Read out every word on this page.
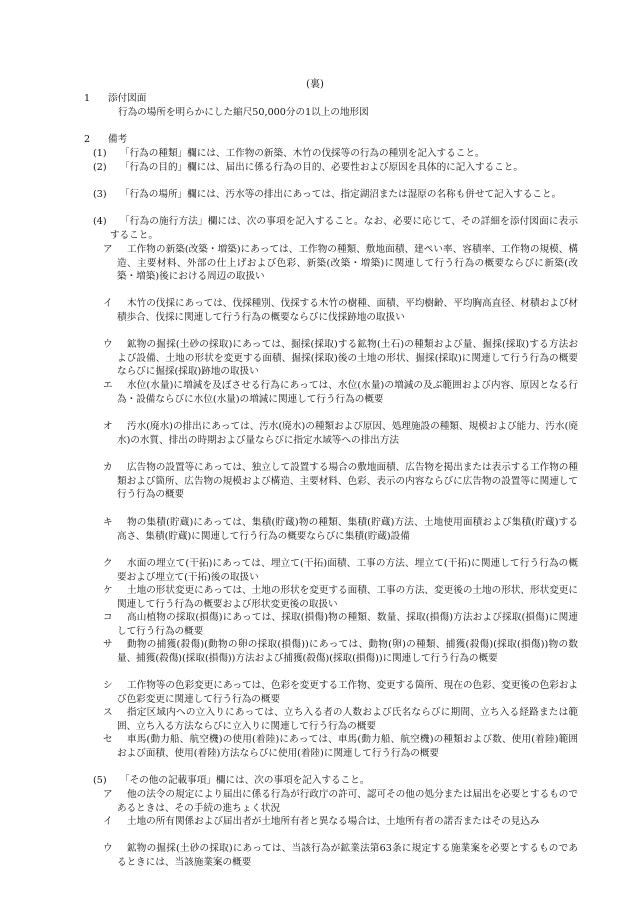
(裏)
1 添付図面
行為の場所を明らかにした縮尺50,000分の1以上の地形図
2 備考
(1)	「行為の種類」欄には、工作物の新築、木竹の伐採等の行為の種別を記入すること。
(2)	「行為の目的」欄には、届出に係る行為の目的、必要性および原因を具体的に記入すること。
(3)	「行為の場所」欄には、汚水等の排出にあっては、指定湖沼または湿原の名称も併せて記入すること。
(4)	「行為の施行方法」欄には、次の事項を記入すること。なお、必要に応じて、その詳細を添付図面に表示すること。
ア	工作物の新築(改築・増築)にあっては、工作物の種類、敷地面積、建ぺい率、容積率、工作物の規模、構造、主要材料、外部の仕上げおよび色彩、新築(改築・増築)に関連して行う行為の概要ならびに新築(改築・増築)後における周辺の取扱い
イ	木竹の伐採にあっては、伐採種別、伐採する木竹の樹種、面積、平均樹齢、平均胸高直径、材積および材積歩合、伐採に関連して行う行為の概要ならびに伐採跡地の取扱い
ウ	鉱物の掘採(土砂の採取)にあっては、掘採(採取)する鉱物(土石)の種類および量、掘採(採取)する方法および設備、土地の形状を変更する面積、掘採(採取)後の土地の形状、掘採(採取)に関連して行う行為の概要ならびに掘採(採取)跡地の取扱い
エ	水位(水量)に増減を及ぼさせる行為にあっては、水位(水量)の増減の及ぶ範囲および内容、原因となる行為・設備ならびに水位(水量)の増減に関連して行う行為の概要
オ	汚水(廃水)の排出にあっては、汚水(廃水)の種類および原因、処理施設の種類、規模および能力、汚水(廃水)の水質、排出の時期および量ならびに指定水域等への排出方法
カ	広告物の設置等にあっては、独立して設置する場合の敷地面積、広告物を掲出または表示する工作物の種類および箇所、広告物の規模および構造、主要材料、色彩、表示の内容ならびに広告物の設置等に関連して行う行為の概要
キ	物の集積(貯蔵)にあっては、集積(貯蔵)物の種類、集積(貯蔵)方法、土地使用面積および集積(貯蔵)する高さ、集積(貯蔵)に関連して行う行為の概要ならびに集積(貯蔵)設備
ク	水面の埋立て(干拓)にあっては、埋立て(干拓)面積、工事の方法、埋立て(干拓)に関連して行う行為の概要および埋立て(干拓)後の取扱い
ケ	土地の形状変更にあっては、土地の形状を変更する面積、工事の方法、変更後の土地の形状、形状変更に関連して行う行為の概要および形状変更後の取扱い
コ	高山植物の採取(損傷)にあっては、採取(損傷)物の種類、数量、採取(損傷)方法および採取(損傷)に関連して行う行為の概要
サ	動物の捕獲(殺傷)(動物の卵の採取(損傷))にあっては、動物(卵)の種類、捕獲(殺傷)(採取(損傷))物の数量、捕獲(殺傷)(採取(損傷))方法および捕獲(殺傷)(採取(損傷))に関連して行う行為の概要
シ	工作物等の色彩変更にあっては、色彩を変更する工作物、変更する箇所、現在の色彩、変更後の色彩および色彩変更に関連して行う行為の概要
ス	指定区域内への立入りにあっては、立ち入る者の人数および氏名ならびに期間、立ち入る経路または範囲、立ち入る方法ならびに立入りに関連して行う行為の概要
セ	車馬(動力船、航空機)の使用(着陸)にあっては、車馬(動力船、航空機)の種類および数、使用(着陸)範囲および面積、使用(着陸)方法ならびに使用(着陸)に関連して行う行為の概要
(5)	「その他の記載事項」欄には、次の事項を記入すること。
ア	他の法令の規定により届出に係る行為が行政庁の許可、認可その他の処分または届出を必要とするものであるときは、その手続の進ちょく状況
イ	土地の所有関係および届出者が土地所有者と異なる場合は、土地所有者の諾否またはその見込み
ウ	鉱物の掘採(土砂の採取)にあっては、当該行為が鉱業法第63条に規定する施業案を必要とするものであるときには、当該施業案の概要
